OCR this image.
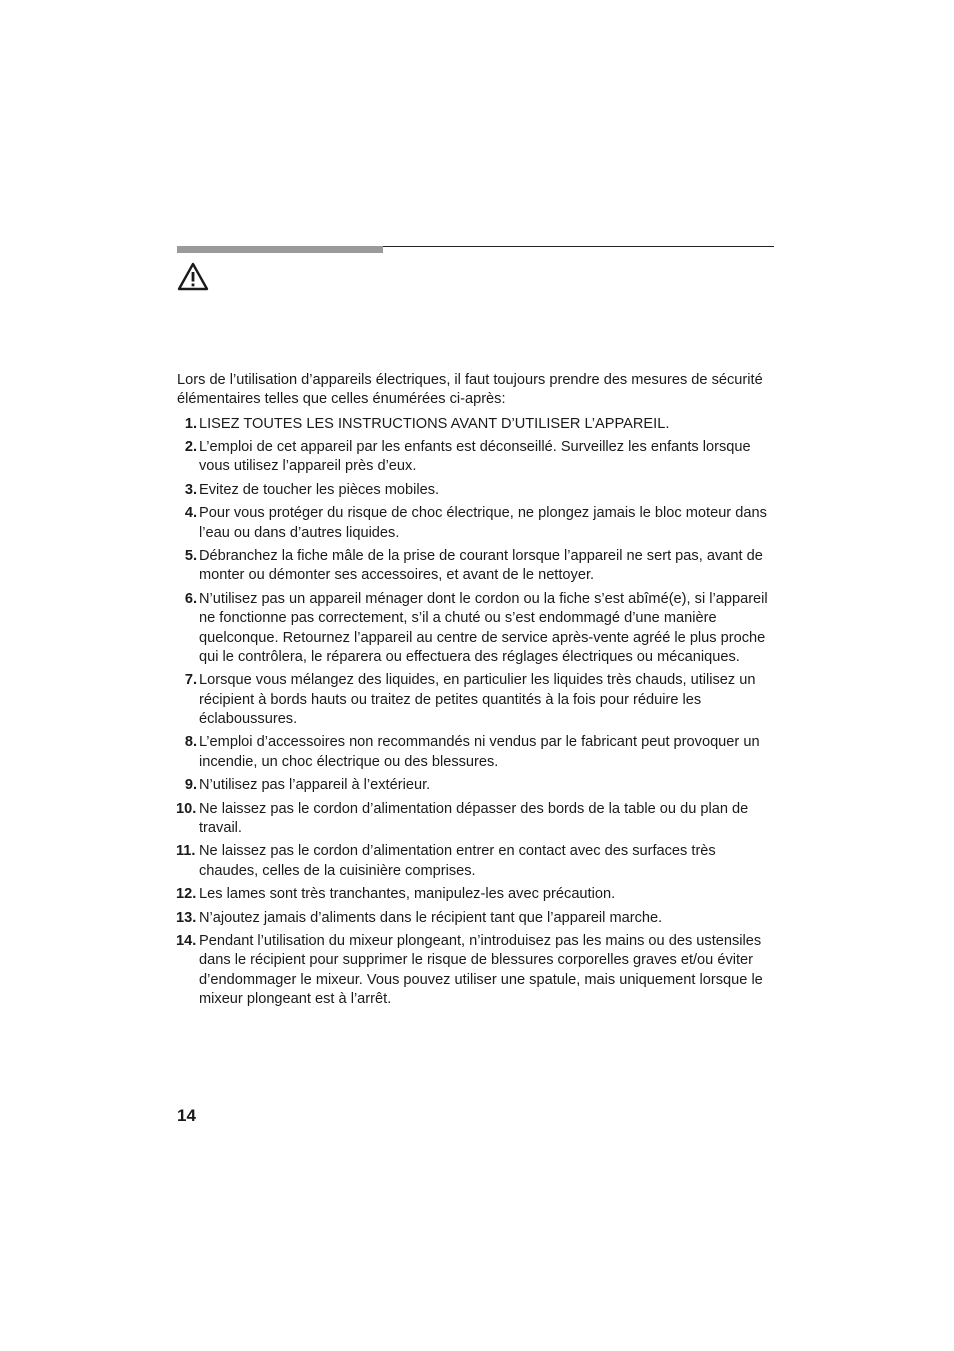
Lors de l’utilisation d’appareils électriques, il faut toujours prendre des mesures de sécurité élémentaires telles que celles énumérées ci-après:

1. LISEZ TOUTES LES INSTRUCTIONS AVANT D’UTILISER L’APPAREIL.
2. L’emploi de cet appareil par les enfants est déconseillé. Surveillez les enfants lorsque vous utilisez l’appareil près d’eux.
3. Evitez de toucher les pièces mobiles.
4. Pour vous protéger du risque de choc électrique, ne plongez jamais le bloc moteur dans l’eau ou dans d’autres liquides.
5. Débranchez la fiche mâle de la prise de courant lorsque l’appareil ne sert pas, avant de monter ou démonter ses accessoires, et avant de le nettoyer.
6. N’utilisez pas un appareil ménager dont le cordon ou la fiche s’est abîmé(e), si l’appareil ne fonctionne pas correctement, s’il a chuté ou s’est endommagé d’une manière quelconque. Retournez l’appareil au centre de service après-vente agréé le plus proche qui le contrôlera, le réparera ou effectuera des réglages électriques ou mécaniques.
7. Lorsque vous mélangez des liquides, en particulier les liquides très chauds, utilisez un récipient à bords hauts ou traitez de petites quantités à la fois pour réduire les éclaboussures.
8. L’emploi d’accessoires non recommandés ni vendus par le fabricant peut provoquer un incendie, un choc électrique ou des blessures.
9. N’utilisez pas l’appareil à l’extérieur.
10. Ne laissez pas le cordon d’alimentation dépasser des bords de la table ou du plan de travail.
11. Ne laissez pas le cordon d’alimentation entrer en contact avec des surfaces très chaudes, celles de la cuisinière comprises.
12. Les lames sont très tranchantes, manipulez-les avec précaution.
13. N’ajoutez jamais d’aliments dans le récipient tant que l’appareil marche.
14. Pendant l’utilisation du mixeur plongeant, n’introduisez pas les mains ou des ustensiles dans le récipient pour supprimer le risque de blessures corporelles graves et/ou éviter d’endommager le mixeur. Vous pouvez utiliser une spatule, mais uniquement lorsque le mixeur plongeant est à l’arrêt.
14
